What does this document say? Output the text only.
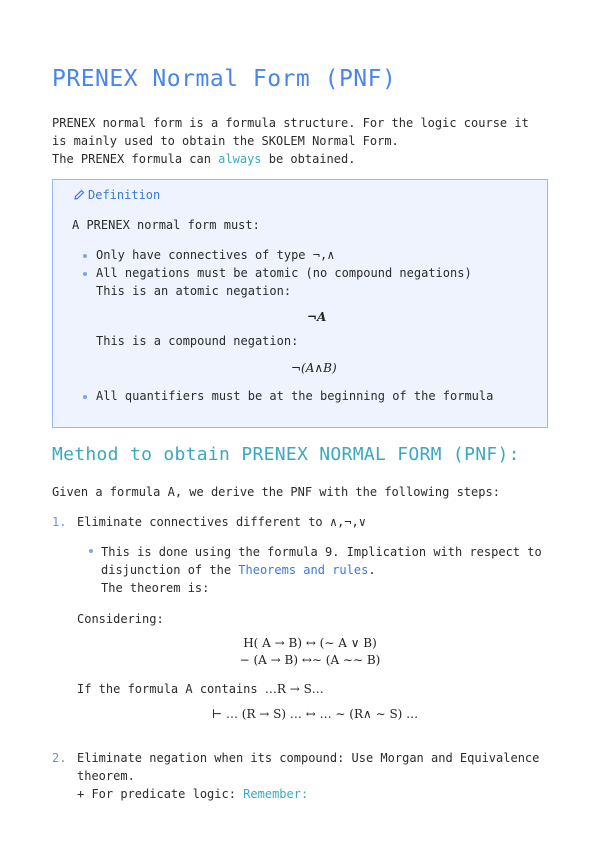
PRENEX Normal Form (PNF)
PRENEX normal form is a formula structure. For the logic course it
is mainly used to obtain the SKOLEM Normal Form.
The PRENEX formula can always be obtained.
Definition
A PRENEX normal form must:
Only have connectives of type ¬,∧
All negations must be atomic (no compound negations)
This is an atomic negation:
¬A
This is a compound negation:
¬(A∧B)
All quantifiers must be at the beginning of the formula
Method to obtain PRENEX NORMAL FORM (PNF):
Given a formula A, we derive the PNF with the following steps:
1. Eliminate connectives different to ∧,¬,∨
This is done using the formula 9. Implication with respect to
disjunction of the Theorems and rules.
The theorem is:
Considering:
H( A → B) ↔ (∼ A ∨ B)
− (A → B) ↔∼ (A ∼∼ B)
If the formula A contains …R → S…
⊢ … (R → S) … ↔ … ∼ (R∧ ∼ S) …
2. Eliminate negation when its compound: Use Morgan and Equivalence
theorem.
+ For predicate logic: Remember:
